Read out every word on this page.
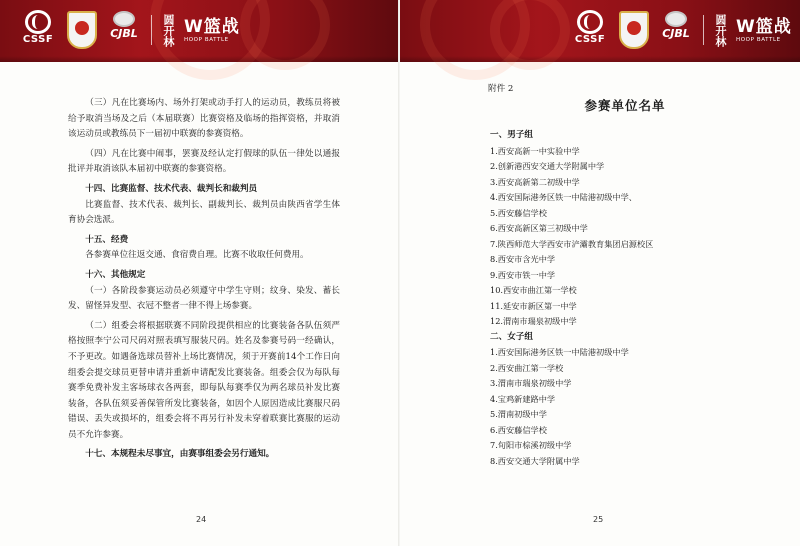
CSSF	CJBL 圆开林 W篮战
HOOP BATTLE

（三）凡在比赛场内、场外打架或动手打人的运动员，教练员将被给予取消当场及之后（本届联赛）比赛资格及临场的指挥资格，并取消该运动员或教练员下一届初中联赛的参赛资格。

（四）凡在比赛中闹事，罢赛及经认定打假球的队伍一律处以通报批评并取消该队本届初中联赛的参赛资格。

十四、比赛监督、技术代表、裁判长和裁判员

比赛监督、技术代表、裁判长、副裁判长、裁判员由陕西省学生体育协会选派。

十五、经费

各参赛单位往返交通、食宿费自理。比赛不收取任何费用。

十六、其他规定

（一）各阶段参赛运动员必须遵守中学生守则；纹身、染发、蓄长发、留怪异发型、衣冠不整者一律不得上场参赛。

（二）组委会将根据联赛不同阶段提供相应的比赛装备各队伍须严格按照李宁公司尺码对照表填写服装尺码。姓名及参赛号码一经确认，不予更改。如遇备选球员替补上场比赛情况，须于开赛前14个工作日向组委会提交球员更替申请并重新申请配发比赛装备。组委会仅为每队每赛季免费补发主客场球衣各两套，即每队每赛季仅为两名球员补发比赛装备，各队伍须妥善保管所发比赛装备，如因个人原因造成比赛服尺码错误、丢失或损坏的，组委会将不再另行补发未穿着联赛比赛服的运动员不允许参赛。

十七、本规程未尽事宜，由赛事组委会另行通知。

24
CSSF	CJBL 圆开林 W篮战
HOOP BATTLE
附件 2
参赛单位名单
一、男子组
1.西安高新一中实验中学
2.创新港西安交通大学附属中学
3.西安高新第二初级中学
4.西安国际港务区铁一中陆港初级中学、
5.西安藤信学校
6.西安高新区第三初级中学
7.陕西师范大学西安市浐灞教育集团启源校区
8.西安市含光中学
9.西安市铁一中学
10.西安市曲江第一学校
11.延安市新区第一中学
12.渭南市瑞泉初级中学
二、女子组
1.西安国际港务区铁一中陆港初级中学
2.西安曲江第一学校
3.渭南市瑞泉初级中学
4.宝鸡新建路中学
5.渭南初级中学
6.西安藤信学校
7.旬阳市棕溪初级中学
8.西安交通大学附属中学
25
